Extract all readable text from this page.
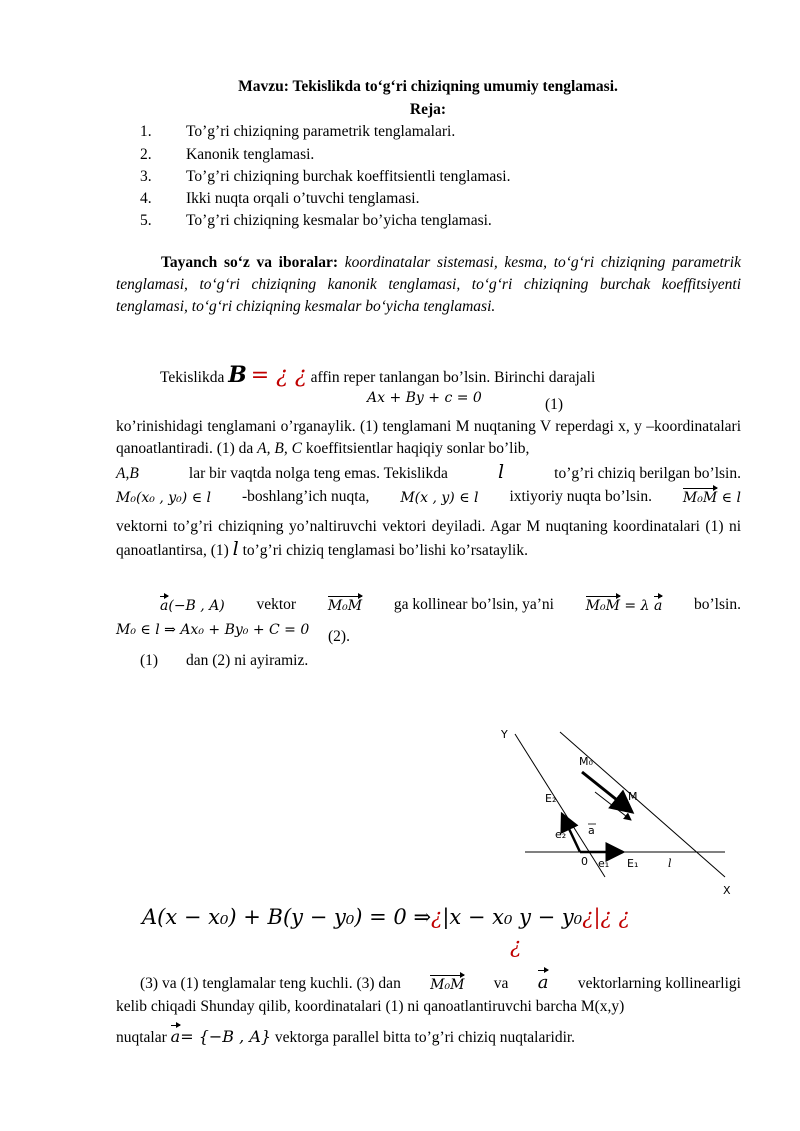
Mavzu: Tekislikda to‘g‘ri chiziqning umumiy tenglamasi.
Reja:
1. To’g’ri chiziqning parametrik tenglamalari.
2. Kanonik tenglamasi.
3. To’g’ri chiziqning burchak koeffitsientli tenglamasi.
4. Ikki nuqta orqali o’tuvchi tenglamasi.
5. To’g’ri chiziqning kesmalar bo’yicha tenglamasi.
Tayanch so‘z va iboralar: koordinatalar sistemasi, kesma, to‘g‘ri chiziqning parametrik tenglamasi, to‘g‘ri chiziqning kanonik tenglamasi, to‘g‘ri chiziqning burchak koeffitsiyenti tenglamasi, to‘g‘ri chiziqning kesmalar bo‘yicha tenglamasi.
Tekislikda B = ¿ ¿ affin reper tanlangan bo’lsin. Birinchi darajali
Ax + By + c = 0	(1)
ko’rinishidagi tenglamani o’rganaylik. (1) tenglamani M nuqtaning V reperdagi x, y –koordinatalari qanoatlantiradi. (1) da A, B, C koeffitsientlar haqiqiy sonlar bo’lib,
A,B	lar bir vaqtda nolga teng emas. Tekislikda	l	to’g’ri chiziq berilgan bo’lsin.
M₀(x₀ , y₀) ∈ l -boshlang’ich nuqta, M(x , y) ∈ l ixtiyoriy nuqta bo’lsin. M₀M ∈ l
vektorni to’g’ri chiziqning yo’naltiruvchi vektori deyiladi. Agar M nuqtaning koordinatalari (1) ni qanoatlantirsa, (1) l to’g’ri chiziq tenglamasi bo’lishi ko’rsataylik.
a(−B , A) vektor M₀M ga kollinear bo’lsin, ya’ni M₀M = λ a bo’lsin.
M₀ ∈ l ⇒ Ax₀ + By₀ + C = 0 (2).
(1) dan (2) ni ayiramiz.
Y
M₀
M
E₂
e₂ a
0 e₁ E₁	l
X
A(x − x₀) + B(y − y₀) = 0 ⇒¿|x − x₀ y − y₀¿|¿ ¿
¿
(3) va (1) tenglamalar teng kuchli. (3) dan M₀M va a vektorlarning kollinearligi
kelib chiqadi Shunday qilib, koordinatalari (1) ni qanoatlantiruvchi barcha M(x,y)
nuqtalar a= {−B , A} vektorga parallel bitta to’g’ri chiziq nuqtalaridir.
